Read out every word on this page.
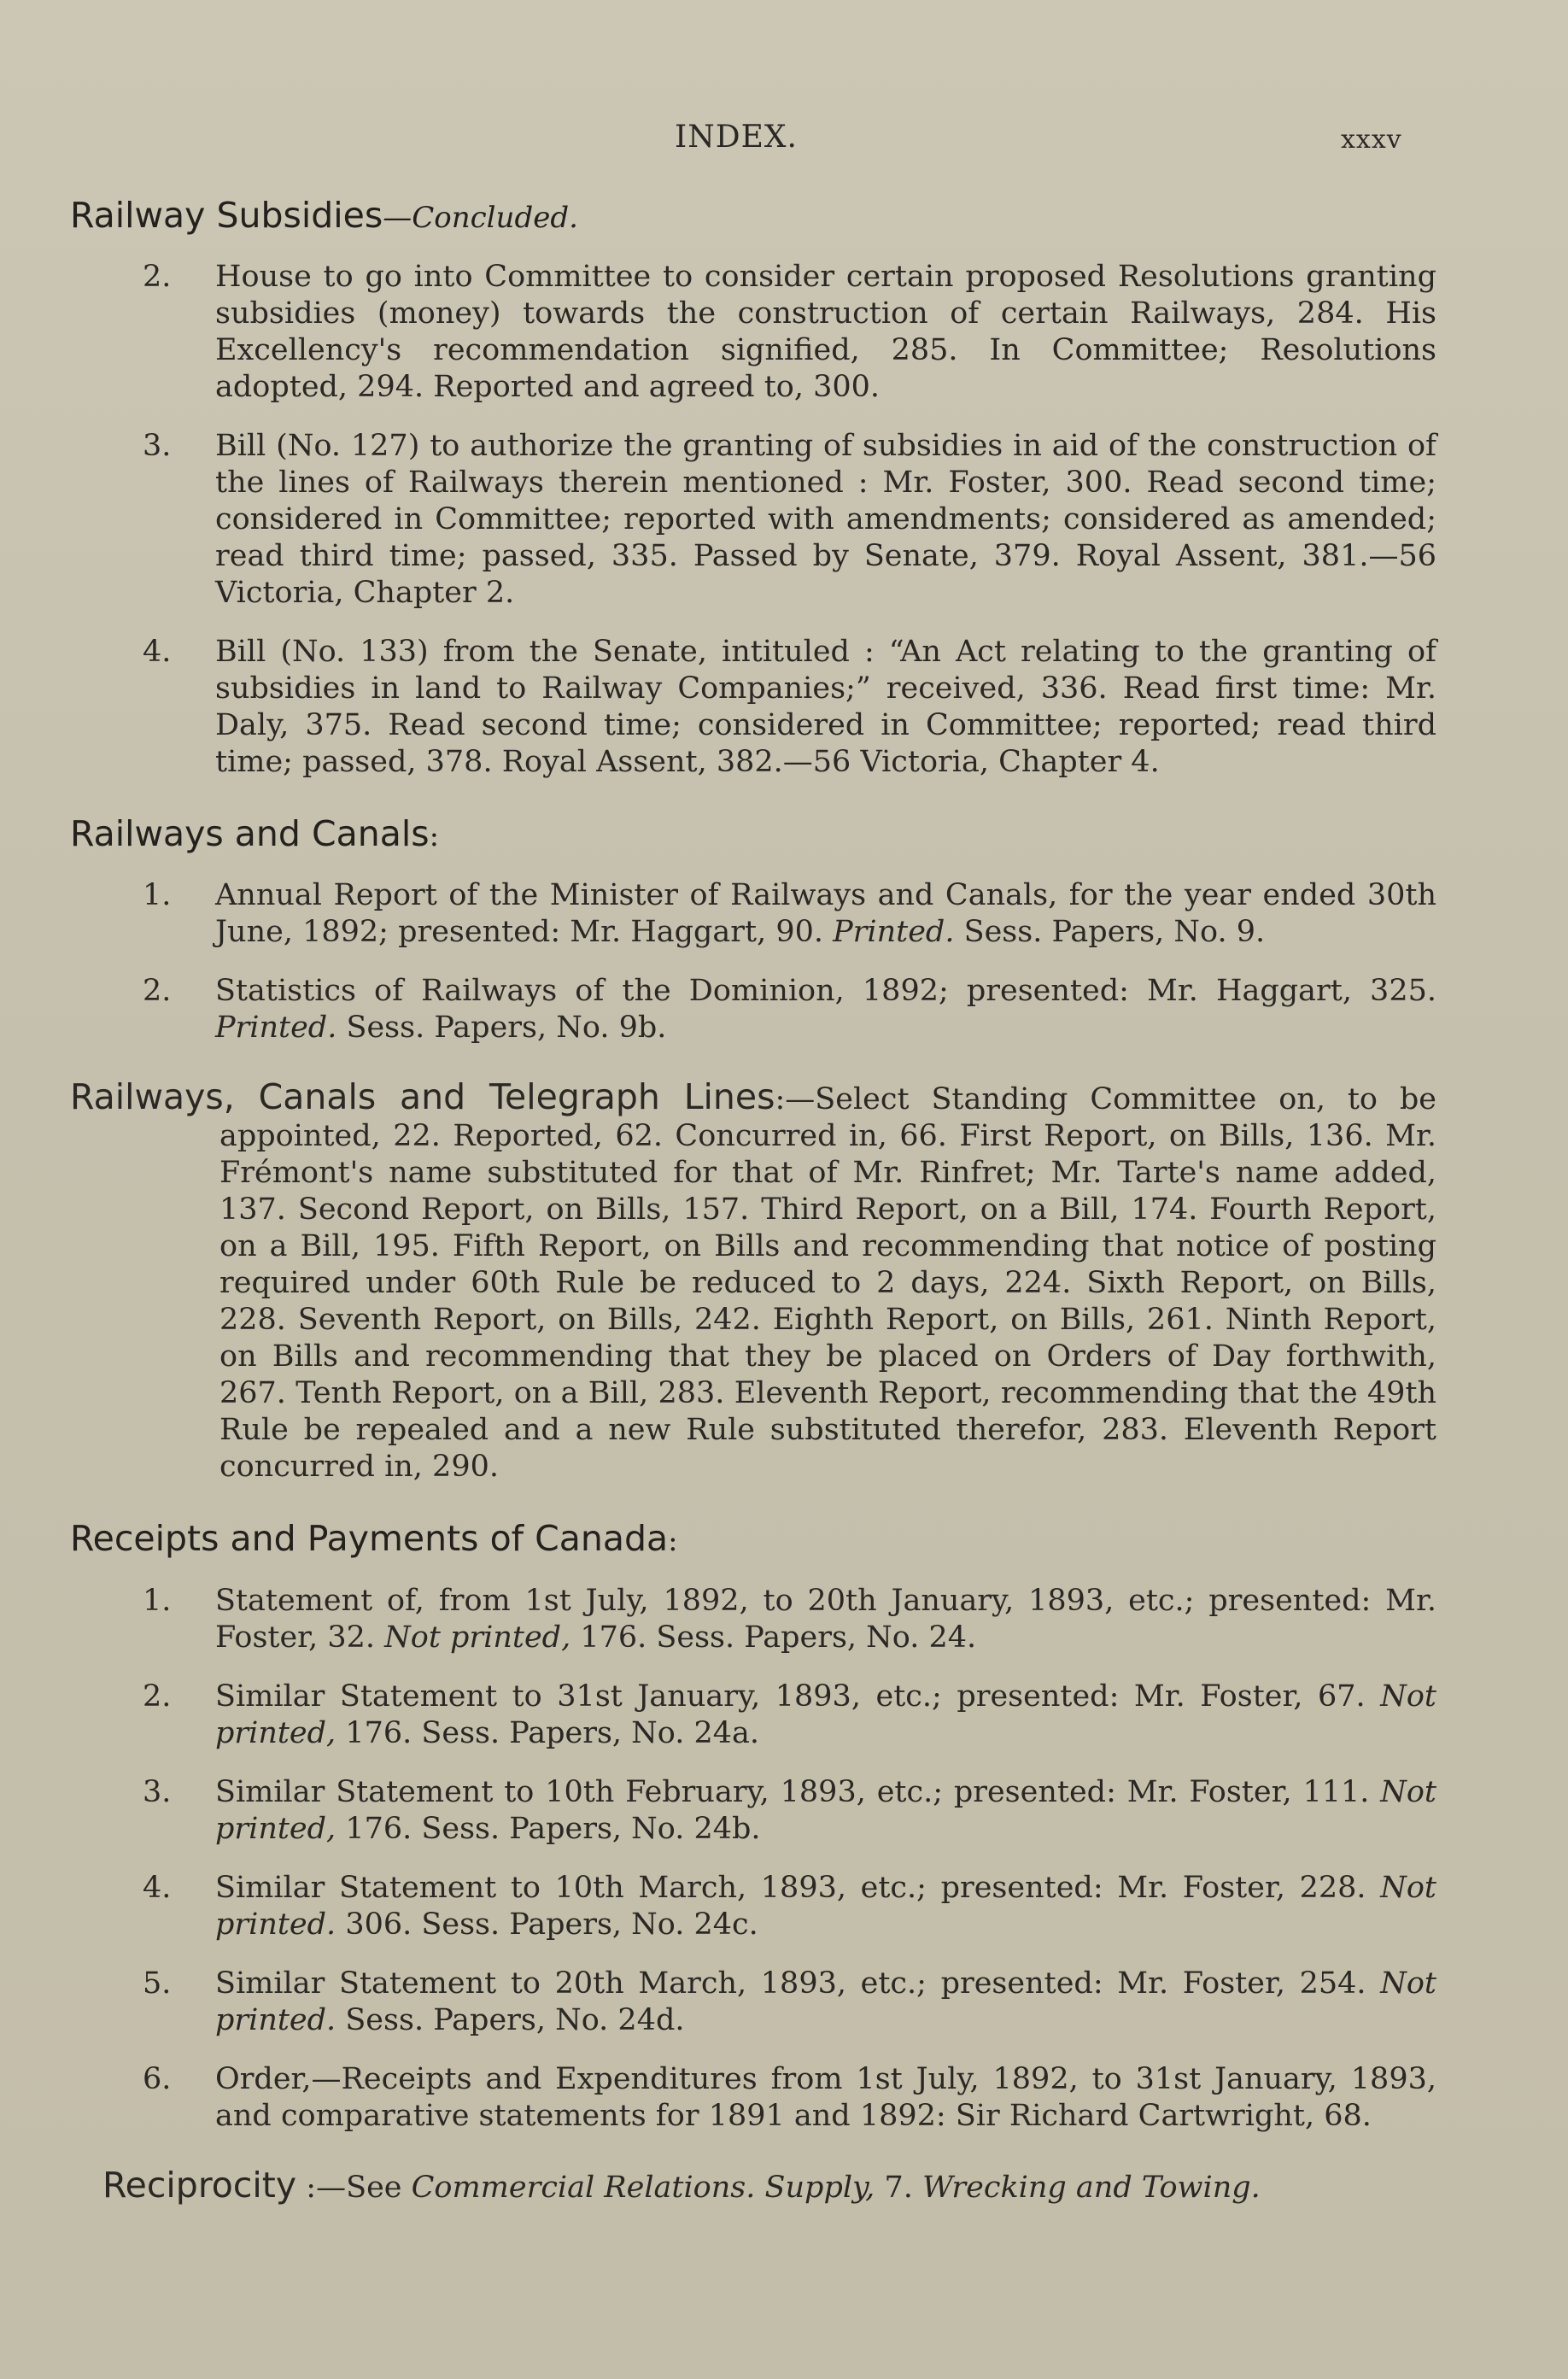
INDEX.	xxxv
Railway Subsidies—Concluded.
2. House to go into Committee to consider certain proposed Resolutions granting subsidies (money) towards the construction of certain Railways, 284. His Excellency's recommendation signified, 285. In Committee; Resolutions adopted, 294. Reported and agreed to, 300.
3. Bill (No. 127) to authorize the granting of subsidies in aid of the construction of the lines of Railways therein mentioned : Mr. Foster, 300. Read second time; considered in Committee; reported with amendments; considered as amended; read third time; passed, 335. Passed by Senate, 379. Royal Assent, 381.—56 Victoria, Chapter 2.
4. Bill (No. 133) from the Senate, intituled : “An Act relating to the granting of subsidies in land to Railway Companies;” received, 336. Read first time: Mr. Daly, 375. Read second time; considered in Committee; reported; read third time; passed, 378. Royal Assent, 382.—56 Victoria, Chapter 4.
Railways and Canals:
1. Annual Report of the Minister of Railways and Canals, for the year ended 30th June, 1892; presented: Mr. Haggart, 90. Printed. Sess. Papers, No. 9.
2. Statistics of Railways of the Dominion, 1892; presented: Mr. Haggart, 325. Printed. Sess. Papers, No. 9b.
Railways, Canals and Telegraph Lines:—Select Standing Committee on, to be appointed, 22. Reported, 62. Concurred in, 66. First Report, on Bills, 136. Mr. Frémont's name substituted for that of Mr. Rinfret; Mr. Tarte's name added, 137. Second Report, on Bills, 157. Third Report, on a Bill, 174. Fourth Report, on a Bill, 195. Fifth Report, on Bills and recommending that notice of posting required under 60th Rule be reduced to 2 days, 224. Sixth Report, on Bills, 228. Seventh Report, on Bills, 242. Eighth Report, on Bills, 261. Ninth Report, on Bills and recommending that they be placed on Orders of Day forthwith, 267. Tenth Report, on a Bill, 283. Eleventh Report, recommending that the 49th Rule be repealed and a new Rule substituted therefor, 283. Eleventh Report concurred in, 290.
Receipts and Payments of Canada:
1. Statement of, from 1st July, 1892, to 20th January, 1893, etc.; presented: Mr. Foster, 32. Not printed, 176. Sess. Papers, No. 24.
2. Similar Statement to 31st January, 1893, etc.; presented: Mr. Foster, 67. Not printed, 176. Sess. Papers, No. 24a.
3. Similar Statement to 10th February, 1893, etc.; presented: Mr. Foster, 111. Not printed, 176. Sess. Papers, No. 24b.
4. Similar Statement to 10th March, 1893, etc.; presented: Mr. Foster, 228. Not printed. 306. Sess. Papers, No. 24c.
5. Similar Statement to 20th March, 1893, etc.; presented: Mr. Foster, 254. Not printed. Sess. Papers, No. 24d.
6. Order,—Receipts and Expenditures from 1st July, 1892, to 31st January, 1893, and comparative statements for 1891 and 1892: Sir Richard Cartwright, 68.
Reciprocity :—See Commercial Relations. Supply, 7. Wrecking and Towing.
